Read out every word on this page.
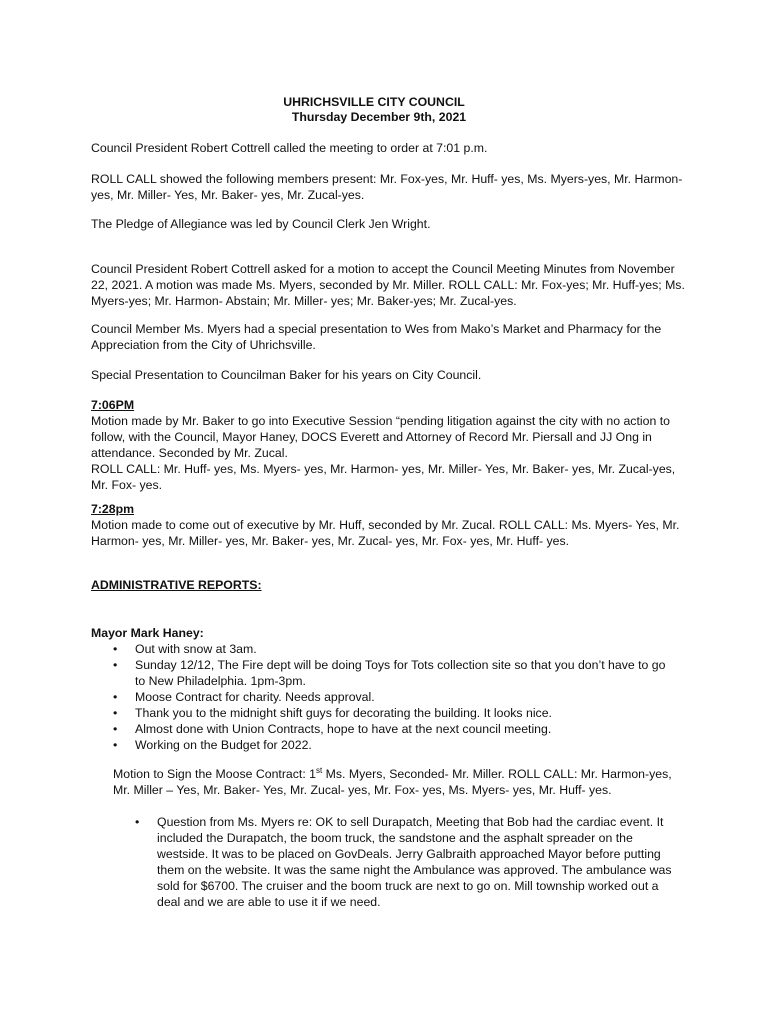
UHRICHSVILLE CITY COUNCIL
Thursday December 9th, 2021

Council President Robert Cottrell called the meeting to order at 7:01 p.m.

ROLL CALL showed the following members present: Mr. Fox-yes, Mr. Huff- yes, Ms. Myers-yes, Mr. Harmon-yes, Mr. Miller- Yes, Mr. Baker- yes, Mr. Zucal-yes.

The Pledge of Allegiance was led by Council Clerk Jen Wright.

Council President Robert Cottrell asked for a motion to accept the Council Meeting Minutes from November 22, 2021. A motion was made Ms. Myers, seconded by Mr. Miller. ROLL CALL: Mr. Fox-yes; Mr. Huff-yes; Ms. Myers-yes; Mr. Harmon- Abstain; Mr. Miller- yes; Mr. Baker-yes; Mr. Zucal-yes.

Council Member Ms. Myers had a special presentation to Wes from Mako’s Market and Pharmacy for the Appreciation from the City of Uhrichsville.

Special Presentation to Councilman Baker for his years on City Council.

7:06PM
Motion made by Mr. Baker to go into Executive Session “pending litigation against the city with no action to follow, with the Council, Mayor Haney, DOCS Everett and Attorney of Record Mr. Piersall and JJ Ong in attendance. Seconded by Mr. Zucal.
ROLL CALL: Mr. Huff- yes, Ms. Myers- yes, Mr. Harmon- yes, Mr. Miller- Yes, Mr. Baker- yes, Mr. Zucal-yes, Mr. Fox- yes.
7:28pm
Motion made to come out of executive by Mr. Huff, seconded by Mr. Zucal. ROLL CALL: Ms. Myers- Yes, Mr. Harmon- yes, Mr. Miller- yes, Mr. Baker- yes, Mr. Zucal- yes, Mr. Fox- yes, Mr. Huff- yes.
ADMINISTRATIVE REPORTS:
Mayor Mark Haney:
• Out with snow at 3am.
• Sunday 12/12, The Fire dept will be doing Toys for Tots collection site so that you don’t have to go to New Philadelphia. 1pm-3pm.
• Moose Contract for charity. Needs approval.
• Thank you to the midnight shift guys for decorating the building. It looks nice.
• Almost done with Union Contracts, hope to have at the next council meeting.
• Working on the Budget for 2022.

Motion to Sign the Moose Contract: 1st Ms. Myers, Seconded- Mr. Miller. ROLL CALL: Mr. Harmon-yes, Mr. Miller – Yes, Mr. Baker- Yes, Mr. Zucal- yes, Mr. Fox- yes, Ms. Myers- yes, Mr. Huff- yes.

• Question from Ms. Myers re: OK to sell Durapatch, Meeting that Bob had the cardiac event. It included the Durapatch, the boom truck, the sandstone and the asphalt spreader on the westside. It was to be placed on GovDeals. Jerry Galbraith approached Mayor before putting them on the website. It was the same night the Ambulance was approved. The ambulance was sold for $6700. The cruiser and the boom truck are next to go on. Mill township worked out a deal and we are able to use it if we need.
